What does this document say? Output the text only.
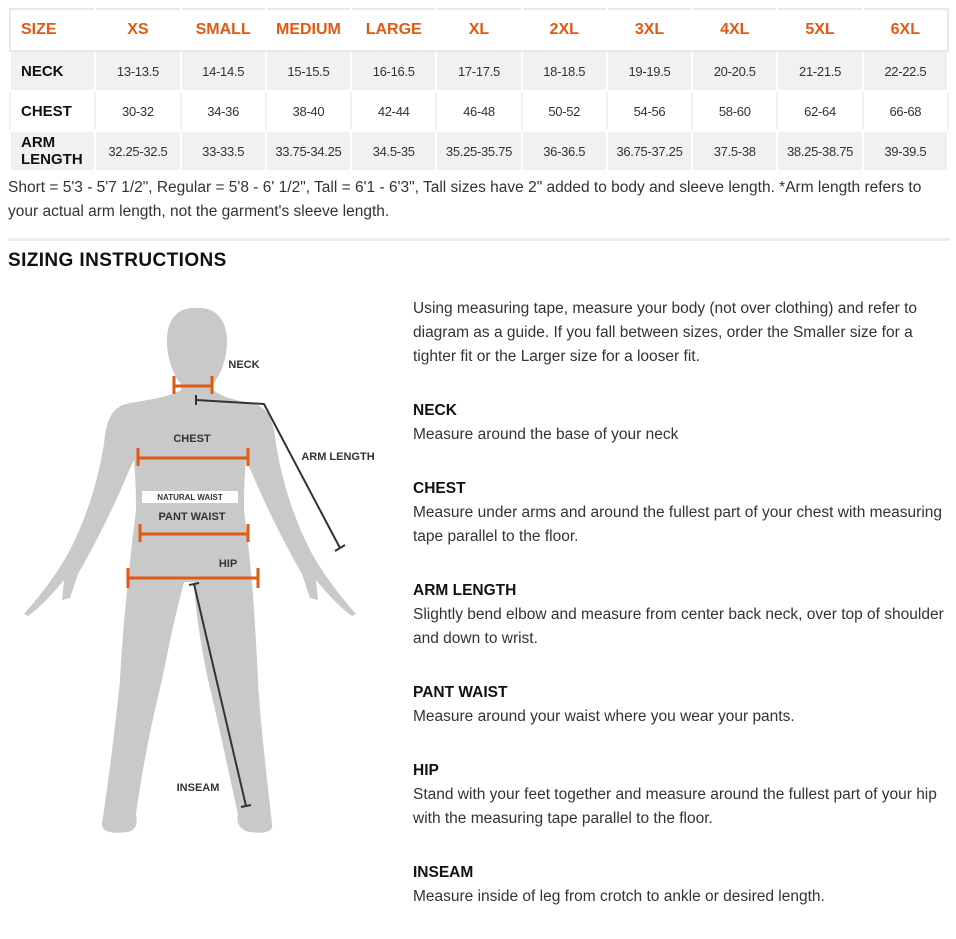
SIZE	XS	SMALL	MEDIUM	LARGE	XL	2XL	3XL	4XL	5XL	6XL
NECK	13-13.5	14-14.5	15-15.5	16-16.5	17-17.5	18-18.5	19-19.5	20-20.5	21-21.5	22-22.5
CHEST	30-32	34-36	38-40	42-44	46-48	50-52	54-56	58-60	62-64	66-68
ARM LENGTH	32.25-32.5	33-33.5	33.75-34.25	34.5-35	35.25-35.75	36-36.5	36.75-37.25	37.5-38	38.25-38.75	39-39.5

Short = 5'3 - 5'7 1/2", Regular = 5'8 - 6' 1/2", Tall = 6'1 - 6'3", Tall sizes have 2" added to body and sleeve length. *Arm length refers to your actual arm length, not the garment's sleeve length.

SIZING INSTRUCTIONS
NATURAL WAIST
NECK
ARM LENGTH
CHEST
PANT WAIST
HIP
INSEAM

Using measuring tape, measure your body (not over clothing) and refer to diagram as a guide. If you fall between sizes, order the Smaller size for a tighter fit or the Larger size for a looser fit.

NECK

Measure around the base of your neck

CHEST

Measure under arms and around the fullest part of your chest with measuring tape parallel to the floor.

ARM LENGTH

Slightly bend elbow and measure from center back neck, over top of shoulder and down to wrist.

PANT WAIST

Measure around your waist where you wear your pants.

HIP

Stand with your feet together and measure around the fullest part of your hip with the measuring tape parallel to the floor.

INSEAM

Measure inside of leg from crotch to ankle or desired length.
